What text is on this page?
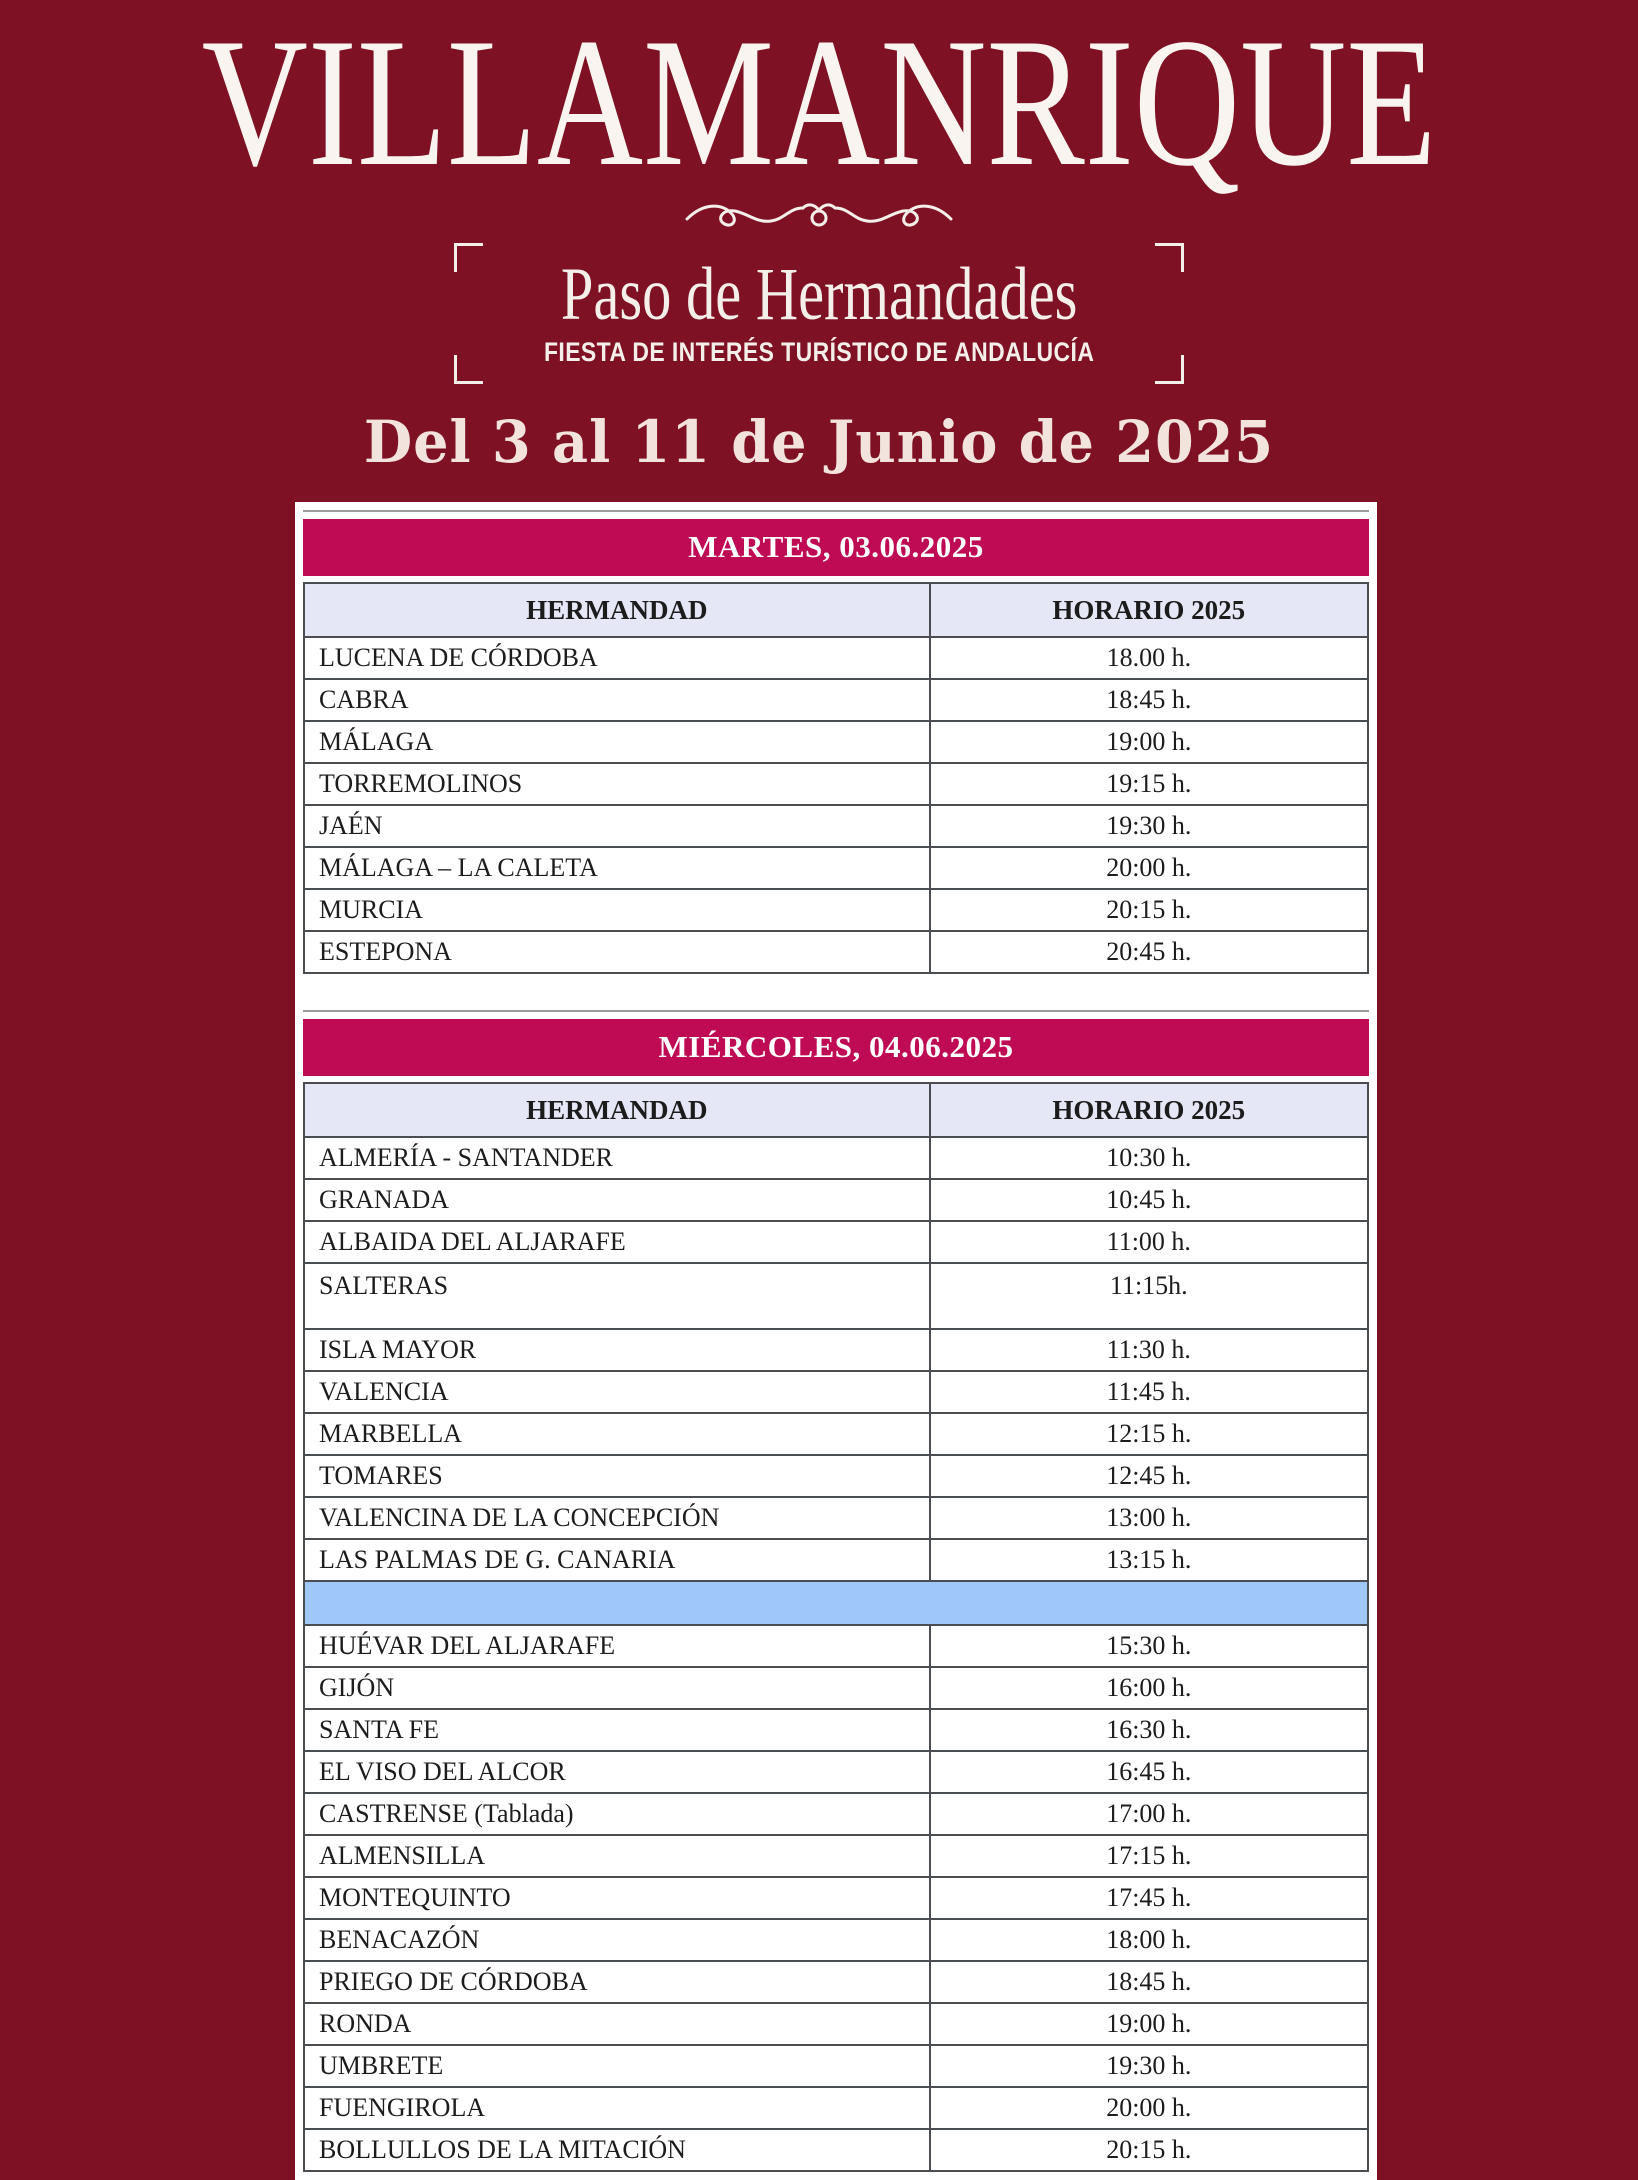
VILLAMANRIQUE
Paso de Hermandades
FIESTA DE INTERÉS TURÍSTICO DE ANDALUCÍA
Del 3 al 11 de Junio de 2025
MARTES, 03.06.2025
HERMANDAD	HORARIO 2025
LUCENA DE CÓRDOBA	18.00 h.
CABRA	18:45 h.
MÁLAGA	19:00 h.
TORREMOLINOS	19:15 h.
JAÉN	19:30 h.
MÁLAGA – LA CALETA	20:00 h.
MURCIA	20:15 h.
ESTEPONA	20:45 h.
MIÉRCOLES, 04.06.2025
HERMANDAD	HORARIO 2025
ALMERÍA - SANTANDER	10:30 h.
GRANADA	10:45 h.
ALBAIDA DEL ALJARAFE	11:00 h.
SALTERAS	11:15h.
ISLA MAYOR	11:30 h.
VALENCIA	11:45 h.
MARBELLA	12:15 h.
TOMARES	12:45 h.
VALENCINA DE LA CONCEPCIÓN	13:00 h.
LAS PALMAS DE G. CANARIA	13:15 h.

HUÉVAR DEL ALJARAFE	15:30 h.
GIJÓN	16:00 h.
SANTA FE	16:30 h.
EL VISO DEL ALCOR	16:45 h.
CASTRENSE (Tablada)	17:00 h.
ALMENSILLA	17:15 h.
MONTEQUINTO	17:45 h.
BENACAZÓN	18:00 h.
PRIEGO DE CÓRDOBA	18:45 h.
RONDA	19:00 h.
UMBRETE	19:30 h.
FUENGIROLA	20:00 h.
BOLLULLOS DE LA MITACIÓN	20:15 h.
